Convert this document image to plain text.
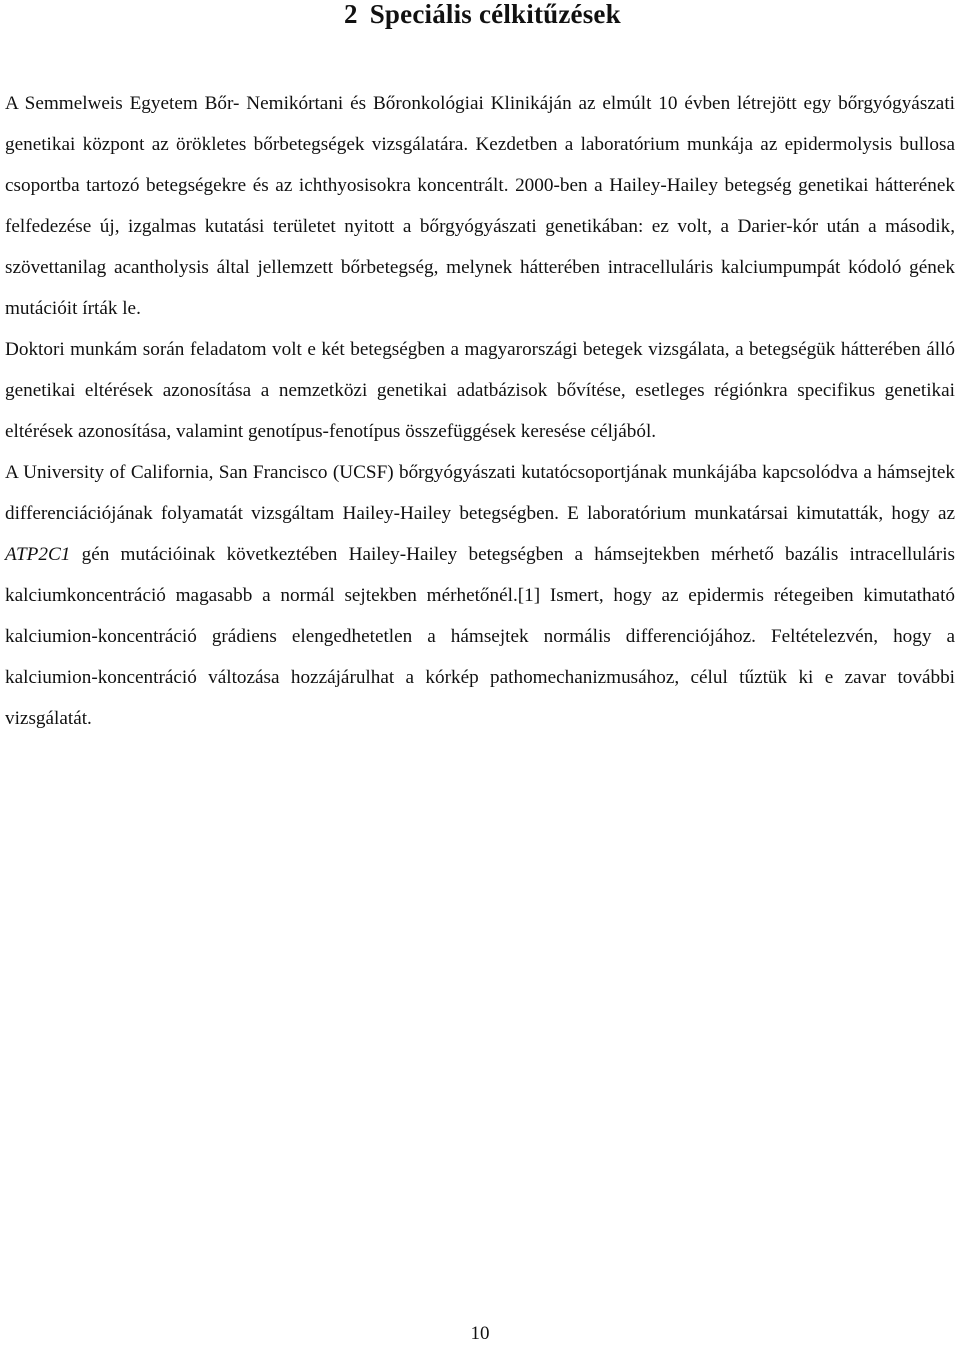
2 Speciális célkitűzések

A Semmelweis Egyetem Bőr- Nemikórtani és Bőronkológiai Klinikáján az elmúlt 10 évben létrejött egy bőrgyógyászati genetikai központ az örökletes bőrbetegségek vizsgálatára. Kezdetben a laboratórium munkája az epidermolysis bullosa csoportba tartozó betegségekre és az ichthyosisokra koncentrált. 2000-ben a Hailey-Hailey betegség genetikai hátterének felfedezése új, izgalmas kutatási területet nyitott a bőrgyógyászati genetikában: ez volt, a Darier-kór után a második, szövettanilag acantholysis által jellemzett bőrbetegség, melynek hátterében intracelluláris kalciumpumpát kódoló gének mutációit írták le.

Doktori munkám során feladatom volt e két betegségben a magyarországi betegek vizsgálata, a betegségük hátterében álló genetikai eltérések azonosítása a nemzetközi genetikai adatbázisok bővítése, esetleges régiónkra specifikus genetikai eltérések azonosítása, valamint genotípus-fenotípus összefüggések keresése céljából.

A University of California, San Francisco (UCSF) bőrgyógyászati kutatócsoportjának munkájába kapcsolódva a hámsejtek differenciációjának folyamatát vizsgáltam Hailey-Hailey betegségben. E laboratórium munkatársai kimutatták, hogy az ATP2C1 gén mutációinak következtében Hailey-Hailey betegségben a hámsejtekben mérhető bazális intracelluláris kalciumkoncentráció magasabb a normál sejtekben mérhetőnél.[1] Ismert, hogy az epidermis rétegeiben kimutatható kalciumion-koncentráció grádiens elengedhetetlen a hámsejtek normális differenciójához. Feltételezvén, hogy a kalciumion-koncentráció változása hozzájárulhat a kórkép pathomechanizmusához, célul tűztük ki e zavar további vizsgálatát.

10
